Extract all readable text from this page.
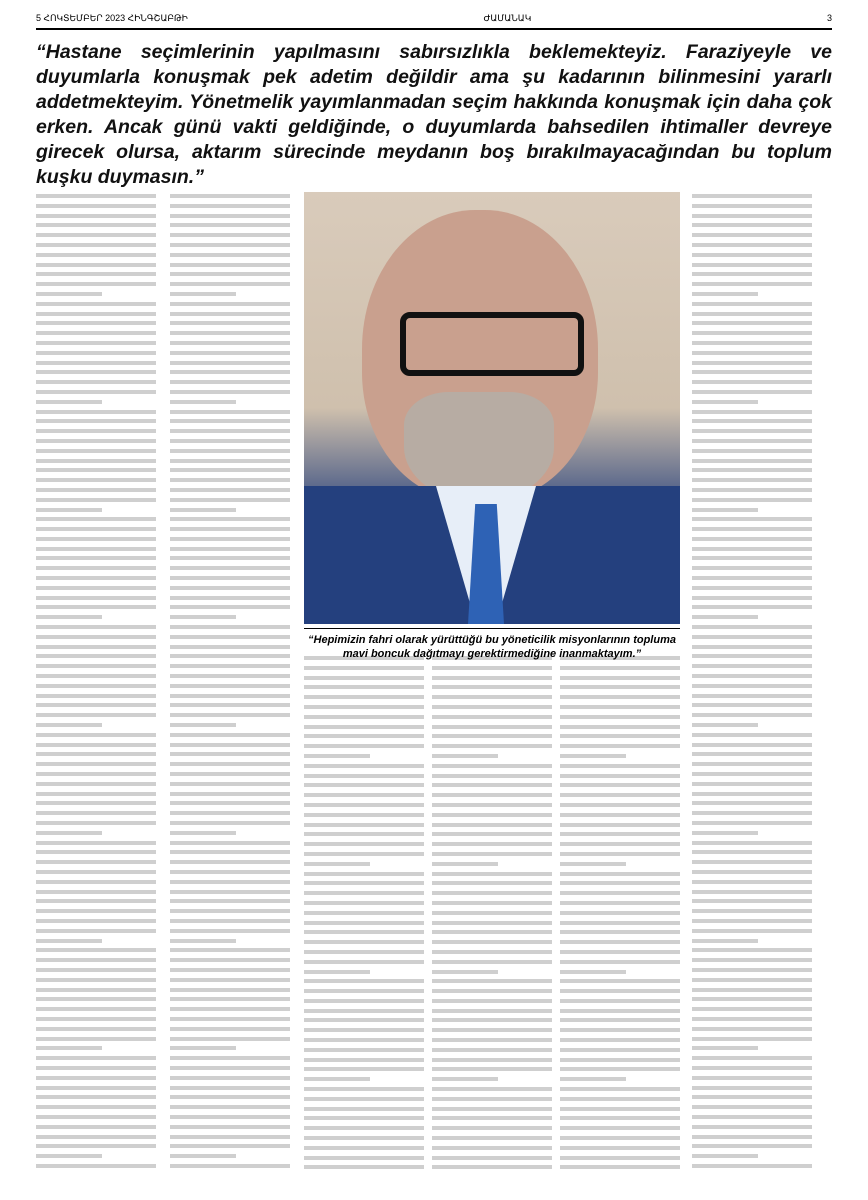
5 ՀՈԿՏԵՄԲԵՐ 2023 ՀԻՆԳՇԱԲԹԻ	ԺԱՄԱՆԱԿ	3
“Hastane seçimlerinin yapılmasını sabırsızlıkla beklemekteyiz. Faraziyeyle ve duyumlarla konuşmak pek adetim değildir ama şu kadarının bilinmesini yararlı addetmekteyim. Yönetmelik yayımlanmadan seçim hakkında konuşmak için daha çok erken. Ancak günü vakti geldiğinde, o duyumlarda bahsedilen ihtimaller devreye girecek olursa, aktarım sürecinde meydanın boş bırakılmayacağından bu toplum kuşku duymasın.”
“Hepimizin fahri olarak yürüttüğü bu yöneticilik misyonlarının topluma mavi boncuk dağıtmayı gerektirmediğine inanmaktayım.”
